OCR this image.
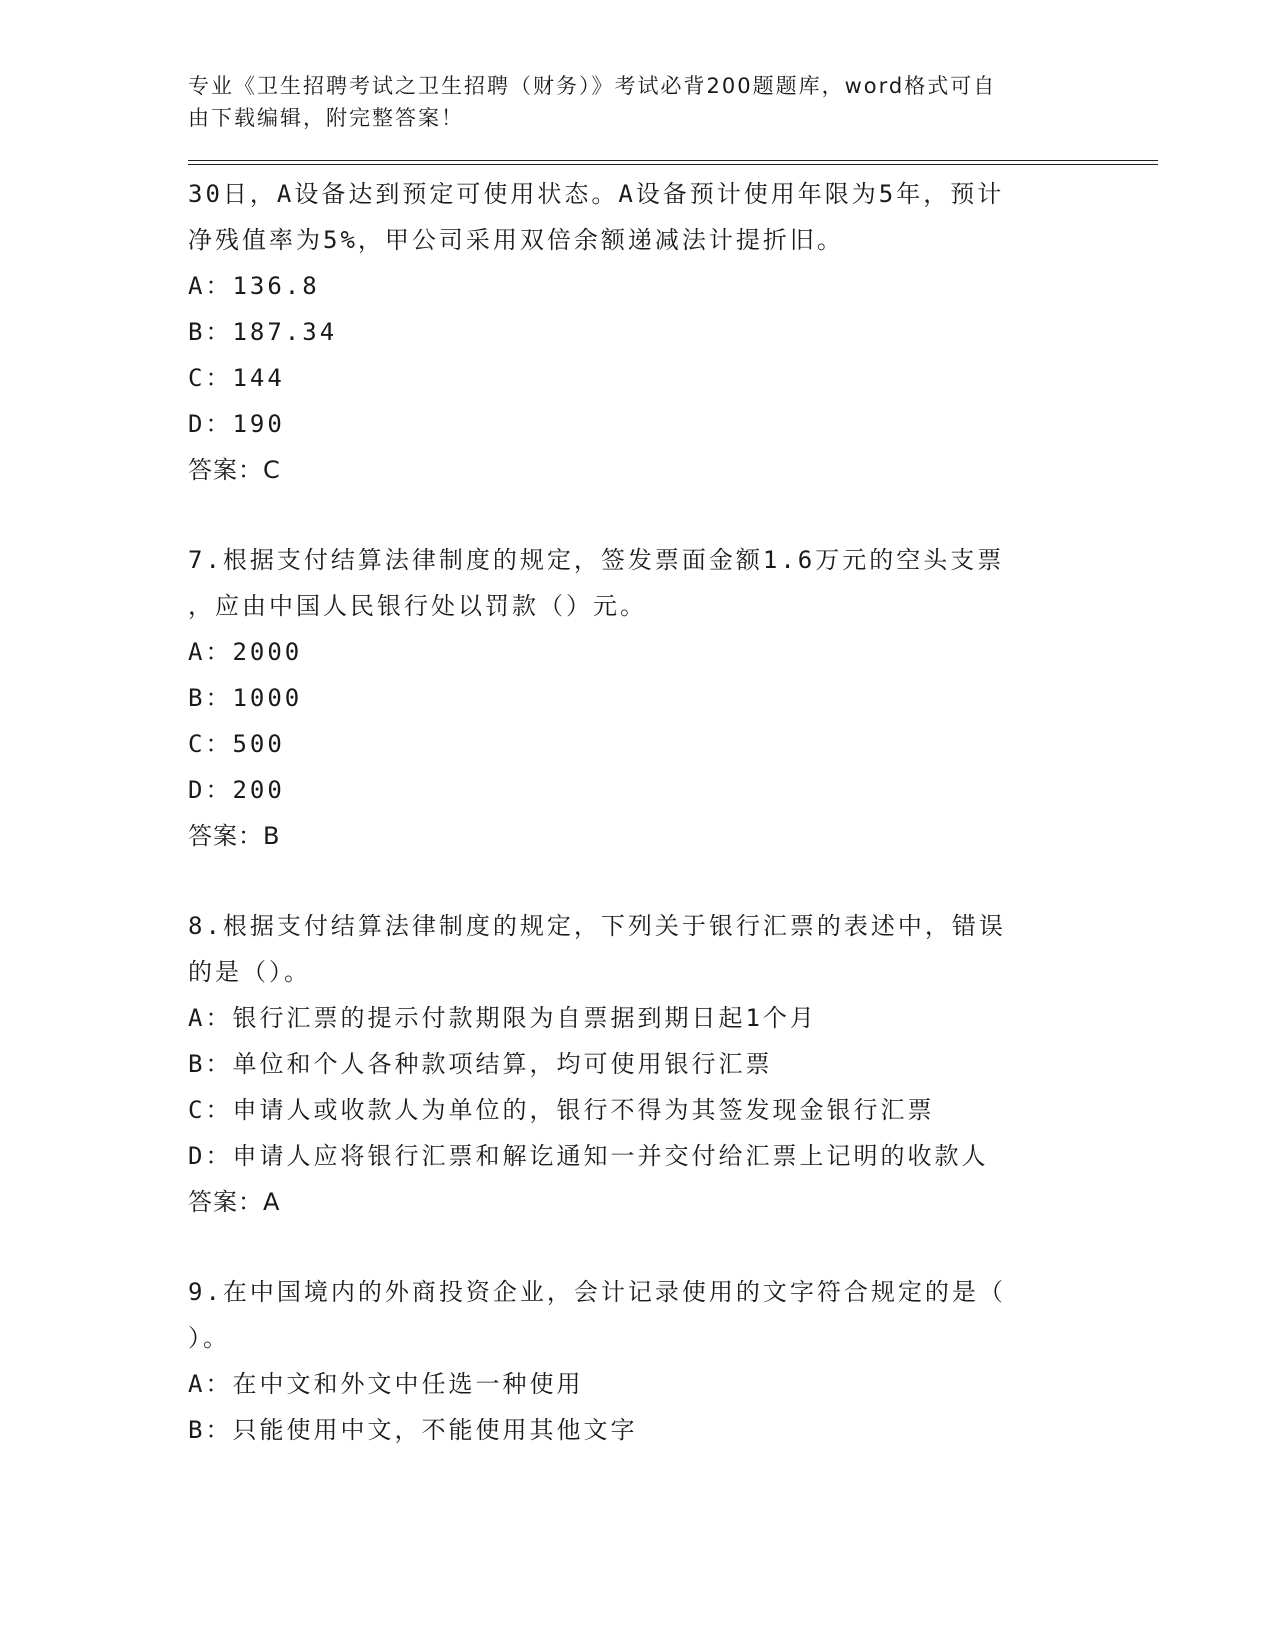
专业《卫生招聘考试之卫生招聘（财务）》考试必背200题题库，word格式可自
由下载编辑，附完整答案！
30日，A设备达到预定可使用状态。A设备预计使用年限为5年，预计
净残值率为5%，甲公司采用双倍余额递减法计提折旧。
A：136.8
B：187.34
C：144
D：190
答案：C
7.根据支付结算法律制度的规定，签发票面金额1.6万元的空头支票
，应由中国人民银行处以罚款（）元。
A：2000
B：1000
C：500
D：200
答案：B
8.根据支付结算法律制度的规定，下列关于银行汇票的表述中，错误
的是（）。
A：银行汇票的提示付款期限为自票据到期日起1个月
B：单位和个人各种款项结算，均可使用银行汇票
C：申请人或收款人为单位的，银行不得为其签发现金银行汇票
D：申请人应将银行汇票和解讫通知一并交付给汇票上记明的收款人
答案：A
9.在中国境内的外商投资企业，会计记录使用的文字符合规定的是（
）。
A：在中文和外文中任选一种使用
B：只能使用中文，不能使用其他文字
